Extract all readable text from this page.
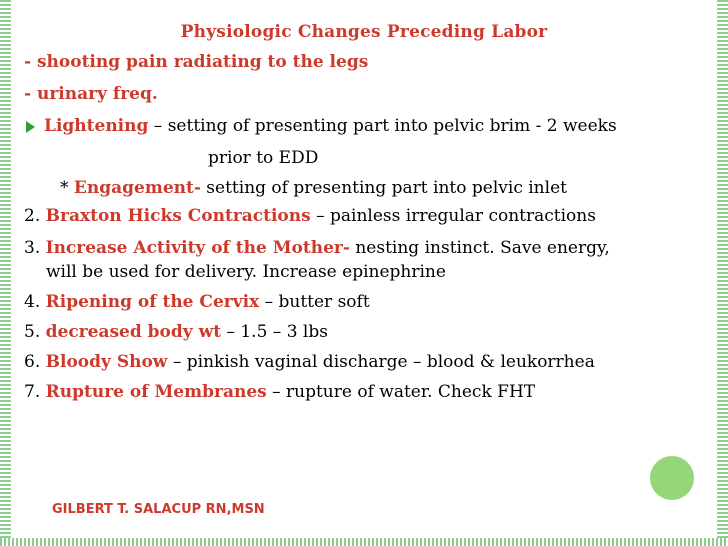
Physiologic Changes Preceding Labor
- shooting pain radiating to the legs
- urinary freq.
Lightening – setting of presenting part into pelvic brim - 2 weeks
prior to EDD
* Engagement- setting of presenting part into pelvic inlet
2. Braxton Hicks Contractions – painless irregular contractions
3. Increase Activity of the Mother- nesting instinct. Save energy,
will be used for delivery. Increase epinephrine
4. Ripening of the Cervix – butter soft
5. decreased body wt – 1.5 – 3 lbs
6. Bloody Show – pinkish vaginal discharge – blood & leukorrhea
7. Rupture of Membranes – rupture of water. Check FHT
GILBERT T. SALACUP RN,MSN
